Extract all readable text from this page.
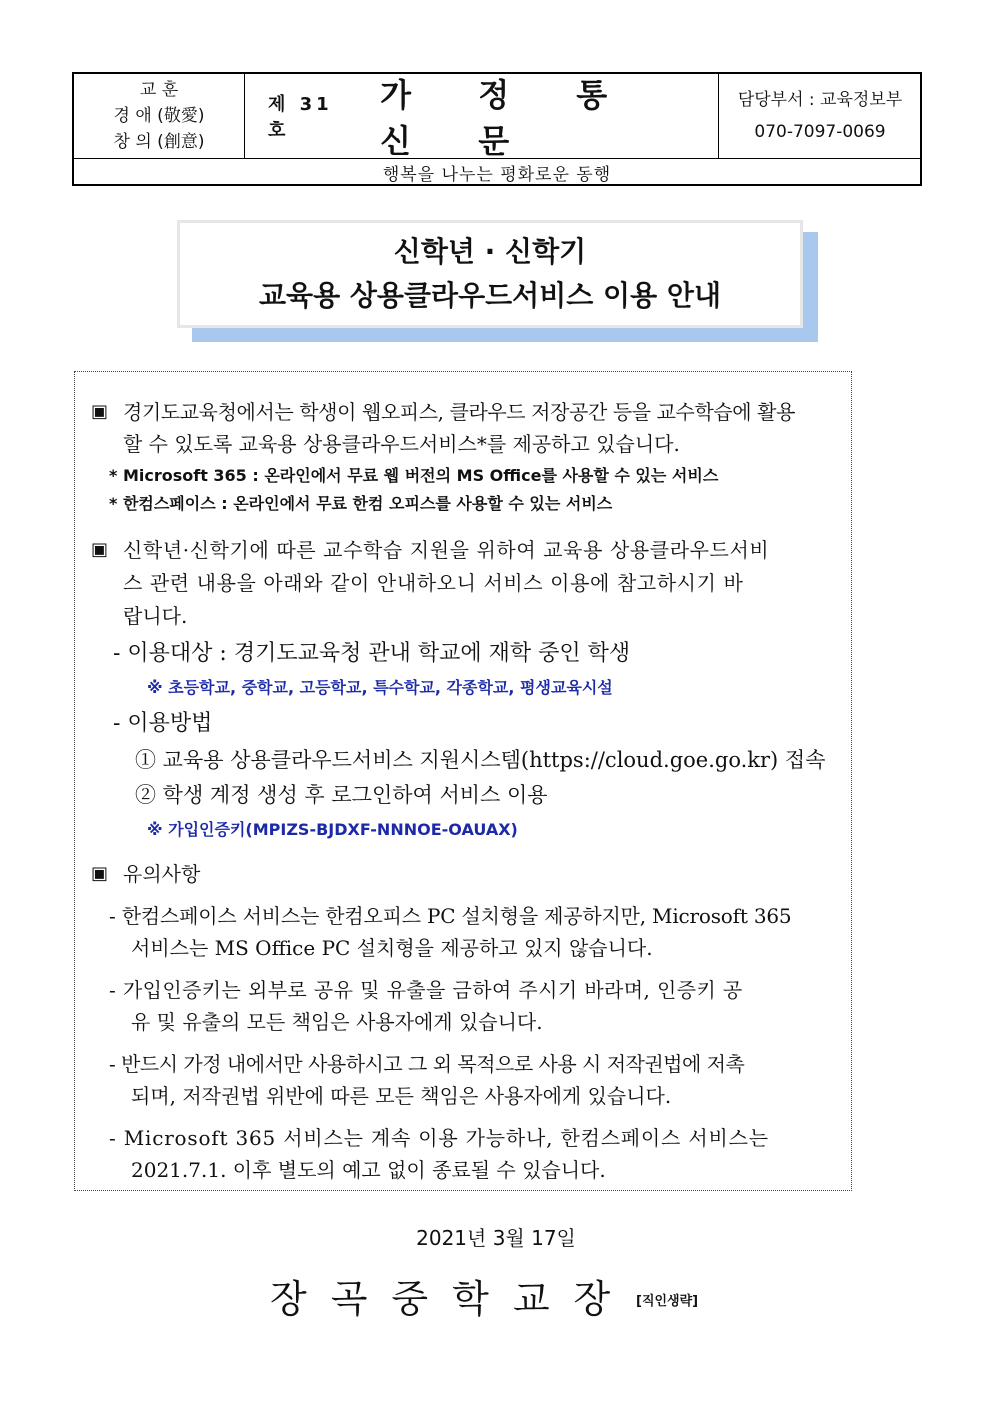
교 훈
경 애 (敬愛)
창 의 (創意)
제 31 호
가 정 통 신 문
담당부서 : 교육정보부
070-7097-0069
행복을 나누는 평화로운 동행
신학년 · 신학기
교육용 상용클라우드서비스 이용 안내
▣ 경기도교육청에서는 학생이 웹오피스, 클라우드 저장공간 등을 교수학습에 활용
할 수 있도록 교육용 상용클라우드서비스*를 제공하고 있습니다.
* Microsoft 365 : 온라인에서 무료 웹 버전의 MS Office를 사용할 수 있는 서비스
* 한컴스페이스 : 온라인에서 무료 한컴 오피스를 사용할 수 있는 서비스
▣ 신학년·신학기에 따른 교수학습 지원을 위하여 교육용 상용클라우드서비
스 관련 내용을 아래와 같이 안내하오니 서비스 이용에 참고하시기 바
랍니다.
- 이용대상 : 경기도교육청 관내 학교에 재학 중인 학생
※ 초등학교, 중학교, 고등학교, 특수학교, 각종학교, 평생교육시설
- 이용방법
① 교육용 상용클라우드서비스 지원시스템(https://cloud.goe.go.kr) 접속
② 학생 계정 생성 후 로그인하여 서비스 이용
※ 가입인증키(MPIZS-BJDXF-NNNOE-OAUAX)
▣ 유의사항
- 한컴스페이스 서비스는 한컴오피스 PC 설치형을 제공하지만, Microsoft 365
서비스는 MS Office PC 설치형을 제공하고 있지 않습니다.
- 가입인증키는 외부로 공유 및 유출을 금하여 주시기 바라며, 인증키 공
유 및 유출의 모든 책임은 사용자에게 있습니다.
- 반드시 가정 내에서만 사용하시고 그 외 목적으로 사용 시 저작권법에 저촉
되며, 저작권법 위반에 따른 모든 책임은 사용자에게 있습니다.
- Microsoft 365 서비스는 계속 이용 가능하나, 한컴스페이스 서비스는
2021.7.1. 이후 별도의 예고 없이 종료될 수 있습니다.
2021년 3월 17일
장곡중학교장 [직인생략]
